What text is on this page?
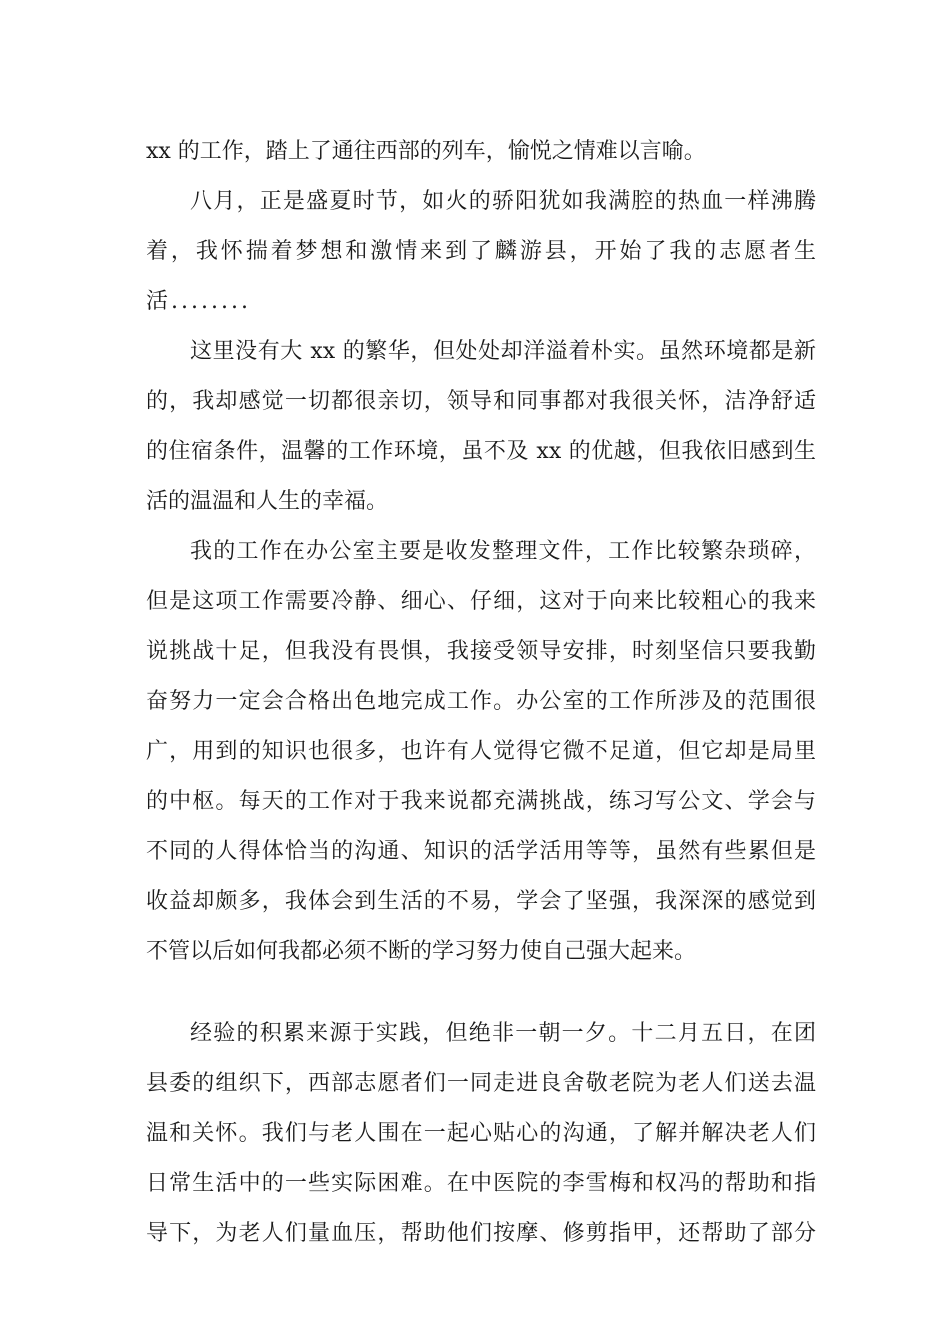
xx 的工作，踏上了通往西部的列车，愉悦之情难以言喻。
八月，正是盛夏时节，如火的骄阳犹如我满腔的热血一样沸腾
着，我怀揣着梦想和激情来到了麟游县，开始了我的志愿者生
活........
这里没有大 xx 的繁华，但处处却洋溢着朴实。虽然环境都是新
的，我却感觉一切都很亲切，领导和同事都对我很关怀，洁净舒适
的住宿条件，温馨的工作环境，虽不及 xx 的优越，但我依旧感到生
活的温温和人生的幸福。
我的工作在办公室主要是收发整理文件，工作比较繁杂琐碎，
但是这项工作需要冷静、细心、仔细，这对于向来比较粗心的我来
说挑战十足，但我没有畏惧，我接受领导安排，时刻坚信只要我勤
奋努力一定会合格出色地完成工作。办公室的工作所涉及的范围很
广，用到的知识也很多，也许有人觉得它微不足道，但它却是局里
的中枢。每天的工作对于我来说都充满挑战，练习写公文、学会与
不同的人得体恰当的沟通、知识的活学活用等等，虽然有些累但是
收益却颇多，我体会到生活的不易，学会了坚强，我深深的感觉到
不管以后如何我都必须不断的学习努力使自己强大起来。
经验的积累来源于实践，但绝非一朝一夕。十二月五日，在团
县委的组织下，西部志愿者们一同走进良舍敬老院为老人们送去温
温和关怀。我们与老人围在一起心贴心的沟通，了解并解决老人们
日常生活中的一些实际困难。在中医院的李雪梅和权冯的帮助和指
导下，为老人们量血压，帮助他们按摩、修剪指甲，还帮助了部分
